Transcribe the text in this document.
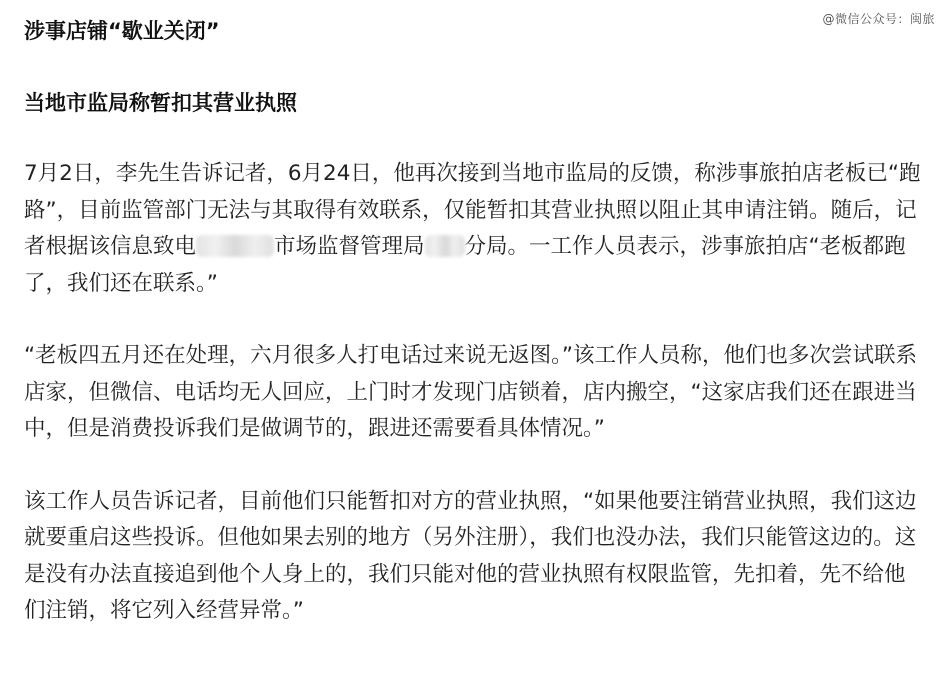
@微信公众号：闽旅
涉事店铺“歇业关闭”
当地市监局称暂扣其营业执照

7月2日，李先生告诉记者，6月24日，他再次接到当地市监局的反馈，称涉事旅拍店老板已“跑路”，目前监管部门无法与其取得有效联系，仅能暂扣其营业执照以阻止其申请注销。随后，记者根据该信息致电	市场监督管理局 分局。一工作人员表示，涉事旅拍店“老板都跑了，我们还在联系。”

“老板四五月还在处理，六月很多人打电话过来说无返图。”该工作人员称，他们也多次尝试联系店家，但微信、电话均无人回应，上门时才发现门店锁着，店内搬空，“这家店我们还在跟进当中，但是消费投诉我们是做调节的，跟进还需要看具体情况。”

该工作人员告诉记者，目前他们只能暂扣对方的营业执照，“如果他要注销营业执照，我们这边就要重启这些投诉。但他如果去别的地方（另外注册），我们也没办法，我们只能管这边的。这是没有办法直接追到他个人身上的，我们只能对他的营业执照有权限监管，先扣着，先不给他们注销，将它列入经营异常。”
